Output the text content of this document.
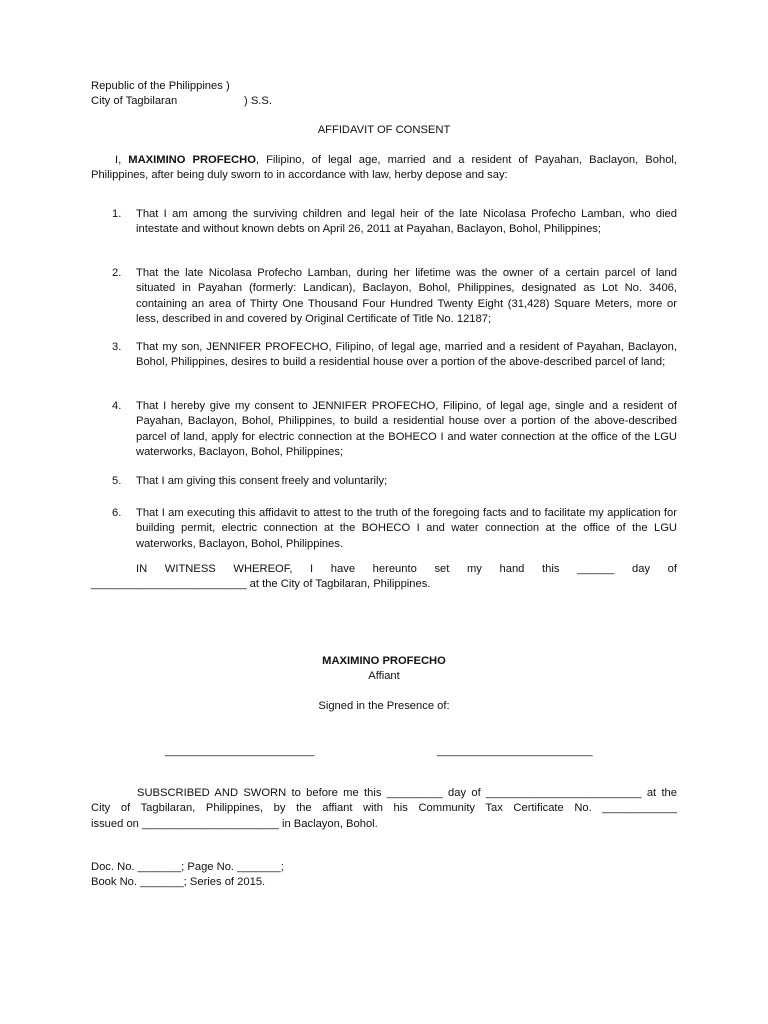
Republic of the Philippines )
City of Tagbilaran	) S.S.
AFFIDAVIT OF CONSENT
I, MAXIMINO PROFECHO, Filipino, of legal age, married and a resident of Payahan, Baclayon, Bohol, Philippines, after being duly sworn to in accordance with law, herby depose and say:
1.	That I am among the surviving children and legal heir of the late Nicolasa Profecho Lamban, who died intestate and without known debts on April 26, 2011 at Payahan, Baclayon, Bohol, Philippines;
2.	That the late Nicolasa Profecho Lamban, during her lifetime was the owner of a certain parcel of land situated in Payahan (formerly: Landican), Baclayon, Bohol, Philippines, designated as Lot No. 3406, containing an area of Thirty One Thousand Four Hundred Twenty Eight (31,428) Square Meters, more or less, described in and covered by Original Certificate of Title No. 12187;
3.	That my son, JENNIFER PROFECHO, Filipino, of legal age, married and a resident of Payahan, Baclayon, Bohol, Philippines, desires to build a residential house over a portion of the above-described parcel of land;
4.	That I hereby give my consent to JENNIFER PROFECHO, Filipino, of legal age, single and a resident of Payahan, Baclayon, Bohol, Philippines, to build a residential house over a portion of the above-described parcel of land, apply for electric connection at the BOHECO I and water connection at the office of the LGU waterworks, Baclayon, Bohol, Philippines;
5.	That I am giving this consent freely and voluntarily;
6.	That I am executing this affidavit to attest to the truth of the foregoing facts and to facilitate my application for building permit, electric connection at the BOHECO I and water connection at the office of the LGU waterworks, Baclayon, Bohol, Philippines.
IN WITNESS WHEREOF, I have hereunto set my hand this ______ day of
_________________________ at the City of Tagbilaran, Philippines.
MAXIMINO PROFECHO
Affiant
Signed in the Presence of:
________________________	_________________________
SUBSCRIBED AND SWORN to before me this _________ day of _________________________ at the
City of Tagbilaran, Philippines, by the affiant with his Community Tax Certificate No. ____________
issued on ______________________ in Baclayon, Bohol.
Doc. No. _______; Page No. _______;
Book No. _______; Series of 2015.
